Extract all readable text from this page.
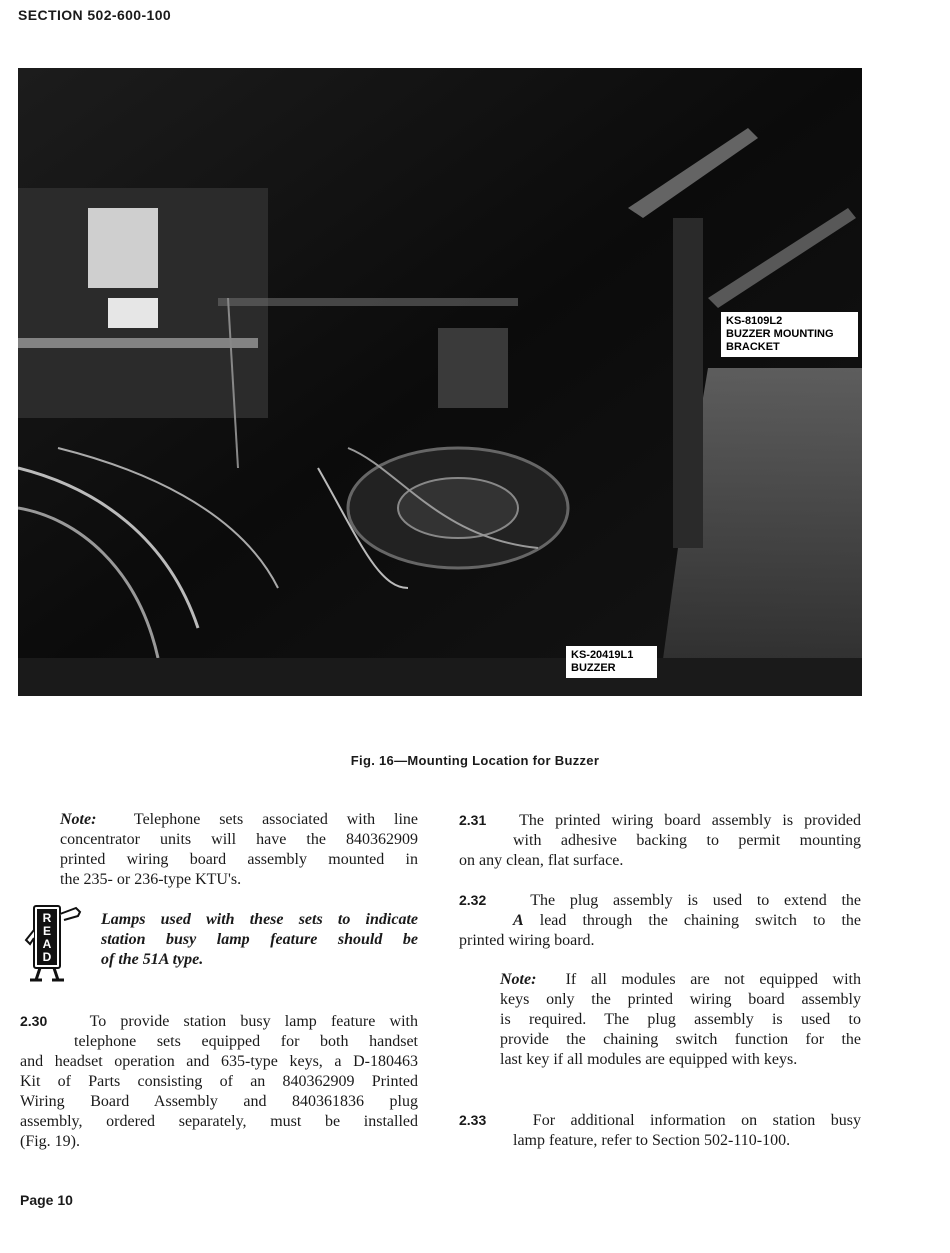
SECTION 502-600-100
KS-8109L2
BUZZER MOUNTING
BRACKET
KS-20419L1
BUZZER
Fig. 16—Mounting Location for Buzzer
Note: Telephone sets associated with line
concentrator units will have the 840362909
printed wiring board assembly mounted in
the 235- or 236-type KTU's.
R
E
A
D
Lamps used with these sets to indicate
station busy lamp feature should be
of the 51A type.
2.30	To provide station busy lamp feature with
telephone sets equipped for both handset
and headset operation and 635-type keys, a D-180463
Kit of Parts consisting of an 840362909 Printed
Wiring Board Assembly and 840361836 plug
assembly, ordered separately, must be installed
(Fig. 19).
2.31 The printed wiring board assembly is provided
with adhesive backing to permit mounting
on any clean, flat surface.
2.32	The plug assembly is used to extend the
A lead through the chaining switch to the
printed wiring board.
Note: If all modules are not equipped with
keys only the printed wiring board assembly
is required. The plug assembly is used to
provide the chaining switch function for the
last key if all modules are equipped with keys.
2.33	For additional information on station busy
lamp feature, refer to Section 502-110-100.
Page 10
